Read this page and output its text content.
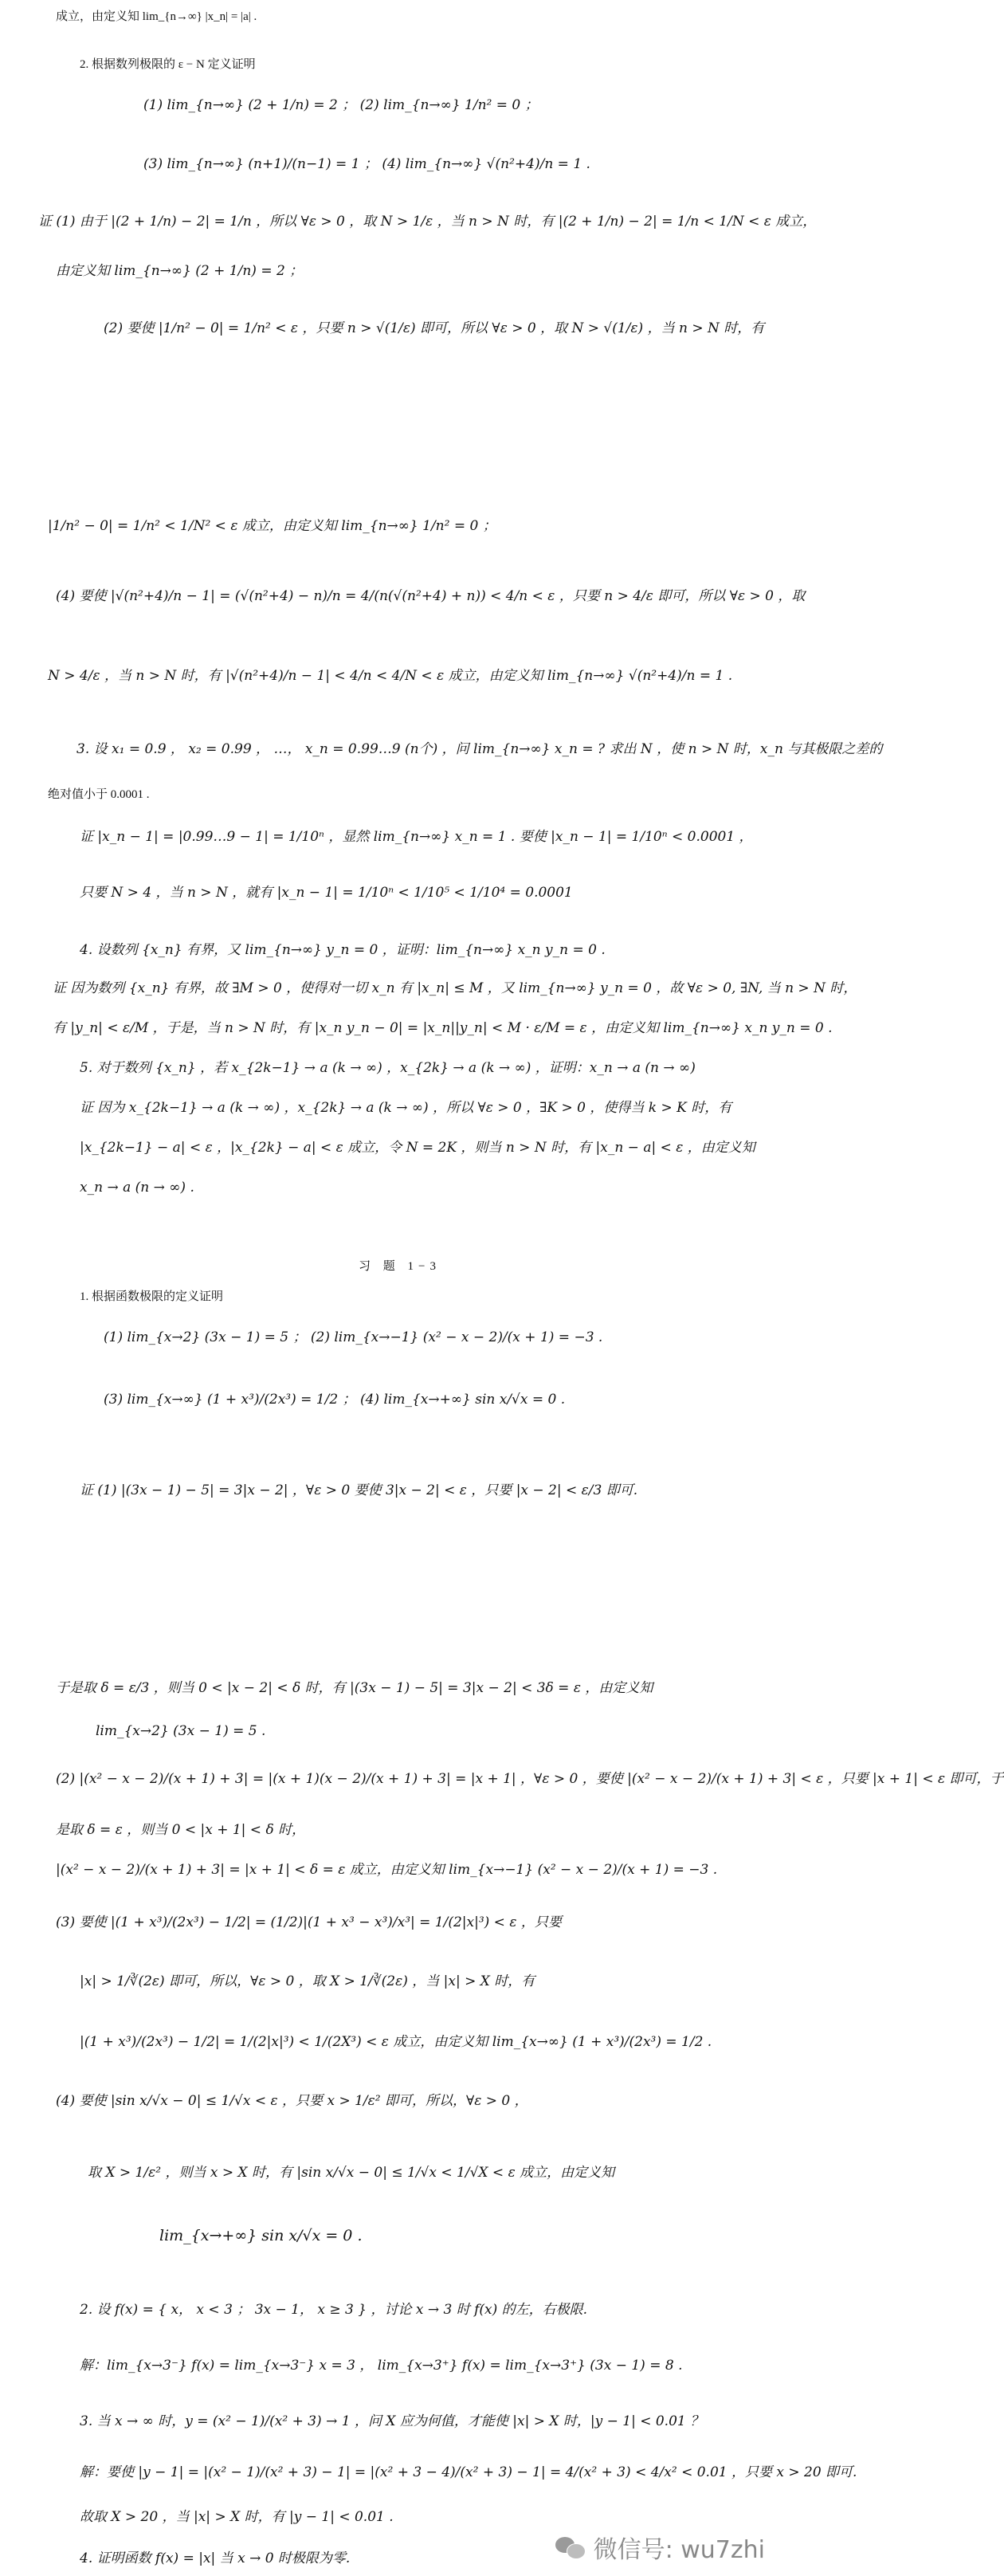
成立，由定义知 lim_{n→∞} |x_n| = |a| .
2. 根据数列极限的 ε − N 定义证明
(1) lim_{n→∞} (2 + 1/n) = 2 ； (2) lim_{n→∞} 1/n² = 0 ；
(3) lim_{n→∞} (n+1)/(n−1) = 1 ； (4) lim_{n→∞} √(n²+4)/n = 1 .
证 (1) 由于 |(2 + 1/n) − 2| = 1/n ，所以 ∀ε > 0 ，取 N > 1/ε ，当 n > N 时，有 |(2 + 1/n) − 2| = 1/n < 1/N < ε 成立，
由定义知 lim_{n→∞} (2 + 1/n) = 2 ；
(2) 要使 |1/n² − 0| = 1/n² < ε ，只要 n > √(1/ε) 即可，所以 ∀ε > 0 ，取 N > √(1/ε) ，当 n > N 时，有
|1/n² − 0| = 1/n² < 1/N² < ε 成立，由定义知 lim_{n→∞} 1/n² = 0 ；
(4) 要使 |√(n²+4)/n − 1| = (√(n²+4) − n)/n = 4/(n(√(n²+4) + n)) < 4/n < ε ，只要 n > 4/ε 即可，所以 ∀ε > 0 ，取
N > 4/ε ，当 n > N 时，有 |√(n²+4)/n − 1| < 4/n < 4/N < ε 成立，由定义知 lim_{n→∞} √(n²+4)/n = 1 .
3. 设 x₁ = 0.9 ， x₂ = 0.99 ， …， x_n = 0.99…9 (n个) ，问 lim_{n→∞} x_n = ? 求出 N ，使 n > N 时，x_n 与其极限之差的
绝对值小于 0.0001 .
证 |x_n − 1| = |0.99…9 − 1| = 1/10ⁿ ，显然 lim_{n→∞} x_n = 1 . 要使 |x_n − 1| = 1/10ⁿ < 0.0001 ，
只要 N > 4 ，当 n > N ，就有 |x_n − 1| = 1/10ⁿ < 1/10⁵ < 1/10⁴ = 0.0001
4. 设数列 {x_n} 有界，又 lim_{n→∞} y_n = 0 ，证明：lim_{n→∞} x_n y_n = 0 .
证 因为数列 {x_n} 有界，故 ∃M > 0 ，使得对一切 x_n 有 |x_n| ≤ M ，又 lim_{n→∞} y_n = 0 ，故 ∀ε > 0, ∃N, 当 n > N 时，
有 |y_n| < ε/M ，于是，当 n > N 时，有 |x_n y_n − 0| = |x_n||y_n| < M · ε/M = ε ，由定义知 lim_{n→∞} x_n y_n = 0 .
5. 对于数列 {x_n} ，若 x_{2k−1} → a (k → ∞) ，x_{2k} → a (k → ∞) ，证明：x_n → a (n → ∞)
证 因为 x_{2k−1} → a (k → ∞) ，x_{2k} → a (k → ∞) ，所以 ∀ε > 0 ，∃K > 0 ，使得当 k > K 时，有
|x_{2k−1} − a| < ε ，|x_{2k} − a| < ε 成立，令 N = 2K ，则当 n > N 时，有 |x_n − a| < ε ，由定义知
x_n → a (n → ∞) .
习 题 1−3
1. 根据函数极限的定义证明
(1) lim_{x→2} (3x − 1) = 5 ； (2) lim_{x→−1} (x² − x − 2)/(x + 1) = −3 .
(3) lim_{x→∞} (1 + x³)/(2x³) = 1/2 ； (4) lim_{x→+∞} sin x/√x = 0 .
证 (1) |(3x − 1) − 5| = 3|x − 2| ，∀ε > 0 要使 3|x − 2| < ε ，只要 |x − 2| < ε/3 即可.
于是取 δ = ε/3 ，则当 0 < |x − 2| < δ 时，有 |(3x − 1) − 5| = 3|x − 2| < 3δ = ε ，由定义知
lim_{x→2} (3x − 1) = 5 .
(2) |(x² − x − 2)/(x + 1) + 3| = |(x + 1)(x − 2)/(x + 1) + 3| = |x + 1| ，∀ε > 0 ，要使 |(x² − x − 2)/(x + 1) + 3| < ε ，只要 |x + 1| < ε 即可，于
是取 δ = ε ，则当 0 < |x + 1| < δ 时，
|(x² − x − 2)/(x + 1) + 3| = |x + 1| < δ = ε 成立，由定义知 lim_{x→−1} (x² − x − 2)/(x + 1) = −3 .
(3) 要使 |(1 + x³)/(2x³) − 1/2| = (1/2)|(1 + x³ − x³)/x³| = 1/(2|x|³) < ε ，只要
|x| > 1/∛(2ε) 即可，所以，∀ε > 0 ，取 X > 1/∛(2ε) ，当 |x| > X 时，有
|(1 + x³)/(2x³) − 1/2| = 1/(2|x|³) < 1/(2X³) < ε 成立，由定义知 lim_{x→∞} (1 + x³)/(2x³) = 1/2 .
(4) 要使 |sin x/√x − 0| ≤ 1/√x < ε ，只要 x > 1/ε² 即可，所以，∀ε > 0 ，
取 X > 1/ε² ，则当 x > X 时，有 |sin x/√x − 0| ≤ 1/√x < 1/√X < ε 成立，由定义知
lim_{x→+∞} sin x/√x = 0 .
2. 设 f(x) = { x， x < 3 ； 3x − 1， x ≥ 3 } ，讨论 x → 3 时 f(x) 的左，右极限.
解：lim_{x→3⁻} f(x) = lim_{x→3⁻} x = 3 ， lim_{x→3⁺} f(x) = lim_{x→3⁺} (3x − 1) = 8 .
3. 当 x → ∞ 时，y = (x² − 1)/(x² + 3) → 1 ，问 X 应为何值，才能使 |x| > X 时，|y − 1| < 0.01 ？
解：要使 |y − 1| = |(x² − 1)/(x² + 3) − 1| = |(x² + 3 − 4)/(x² + 3) − 1| = 4/(x² + 3) < 4/x² < 0.01 ，只要 x > 20 即可.
故取 X > 20 ，当 |x| > X 时，有 |y − 1| < 0.01 .
4. 证明函数 f(x) = |x| 当 x → 0 时极限为零.	微信号: wu7zhi
